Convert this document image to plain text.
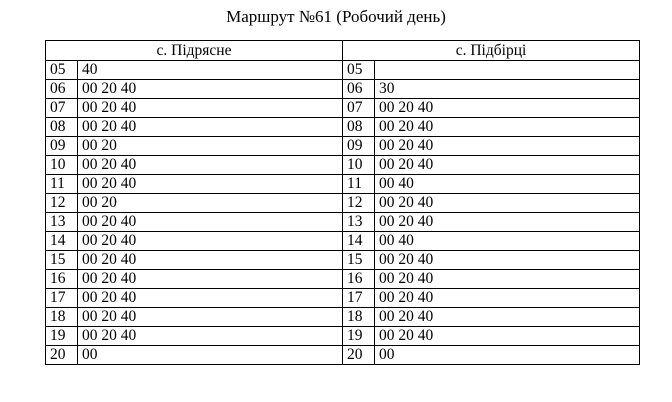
Маршрут №61 (Робочий день)
с. Підрясне		с. Підбірці	
05	40	05	
06	00 20 40	06	30
07	00 20 40	07	00 20 40
08	00 20 40	08	00 20 40
09	00 20	09	00 20 40
10	00 20 40	10	00 20 40
11	00 20 40	11	00 40
12	00 20	12	00 20 40
13	00 20 40	13	00 20 40
14	00 20 40	14	00 40
15	00 20 40	15	00 20 40
16	00 20 40	16	00 20 40
17	00 20 40	17	00 20 40
18	00 20 40	18	00 20 40
19	00 20 40	19	00 20 40
20	00	20	00
